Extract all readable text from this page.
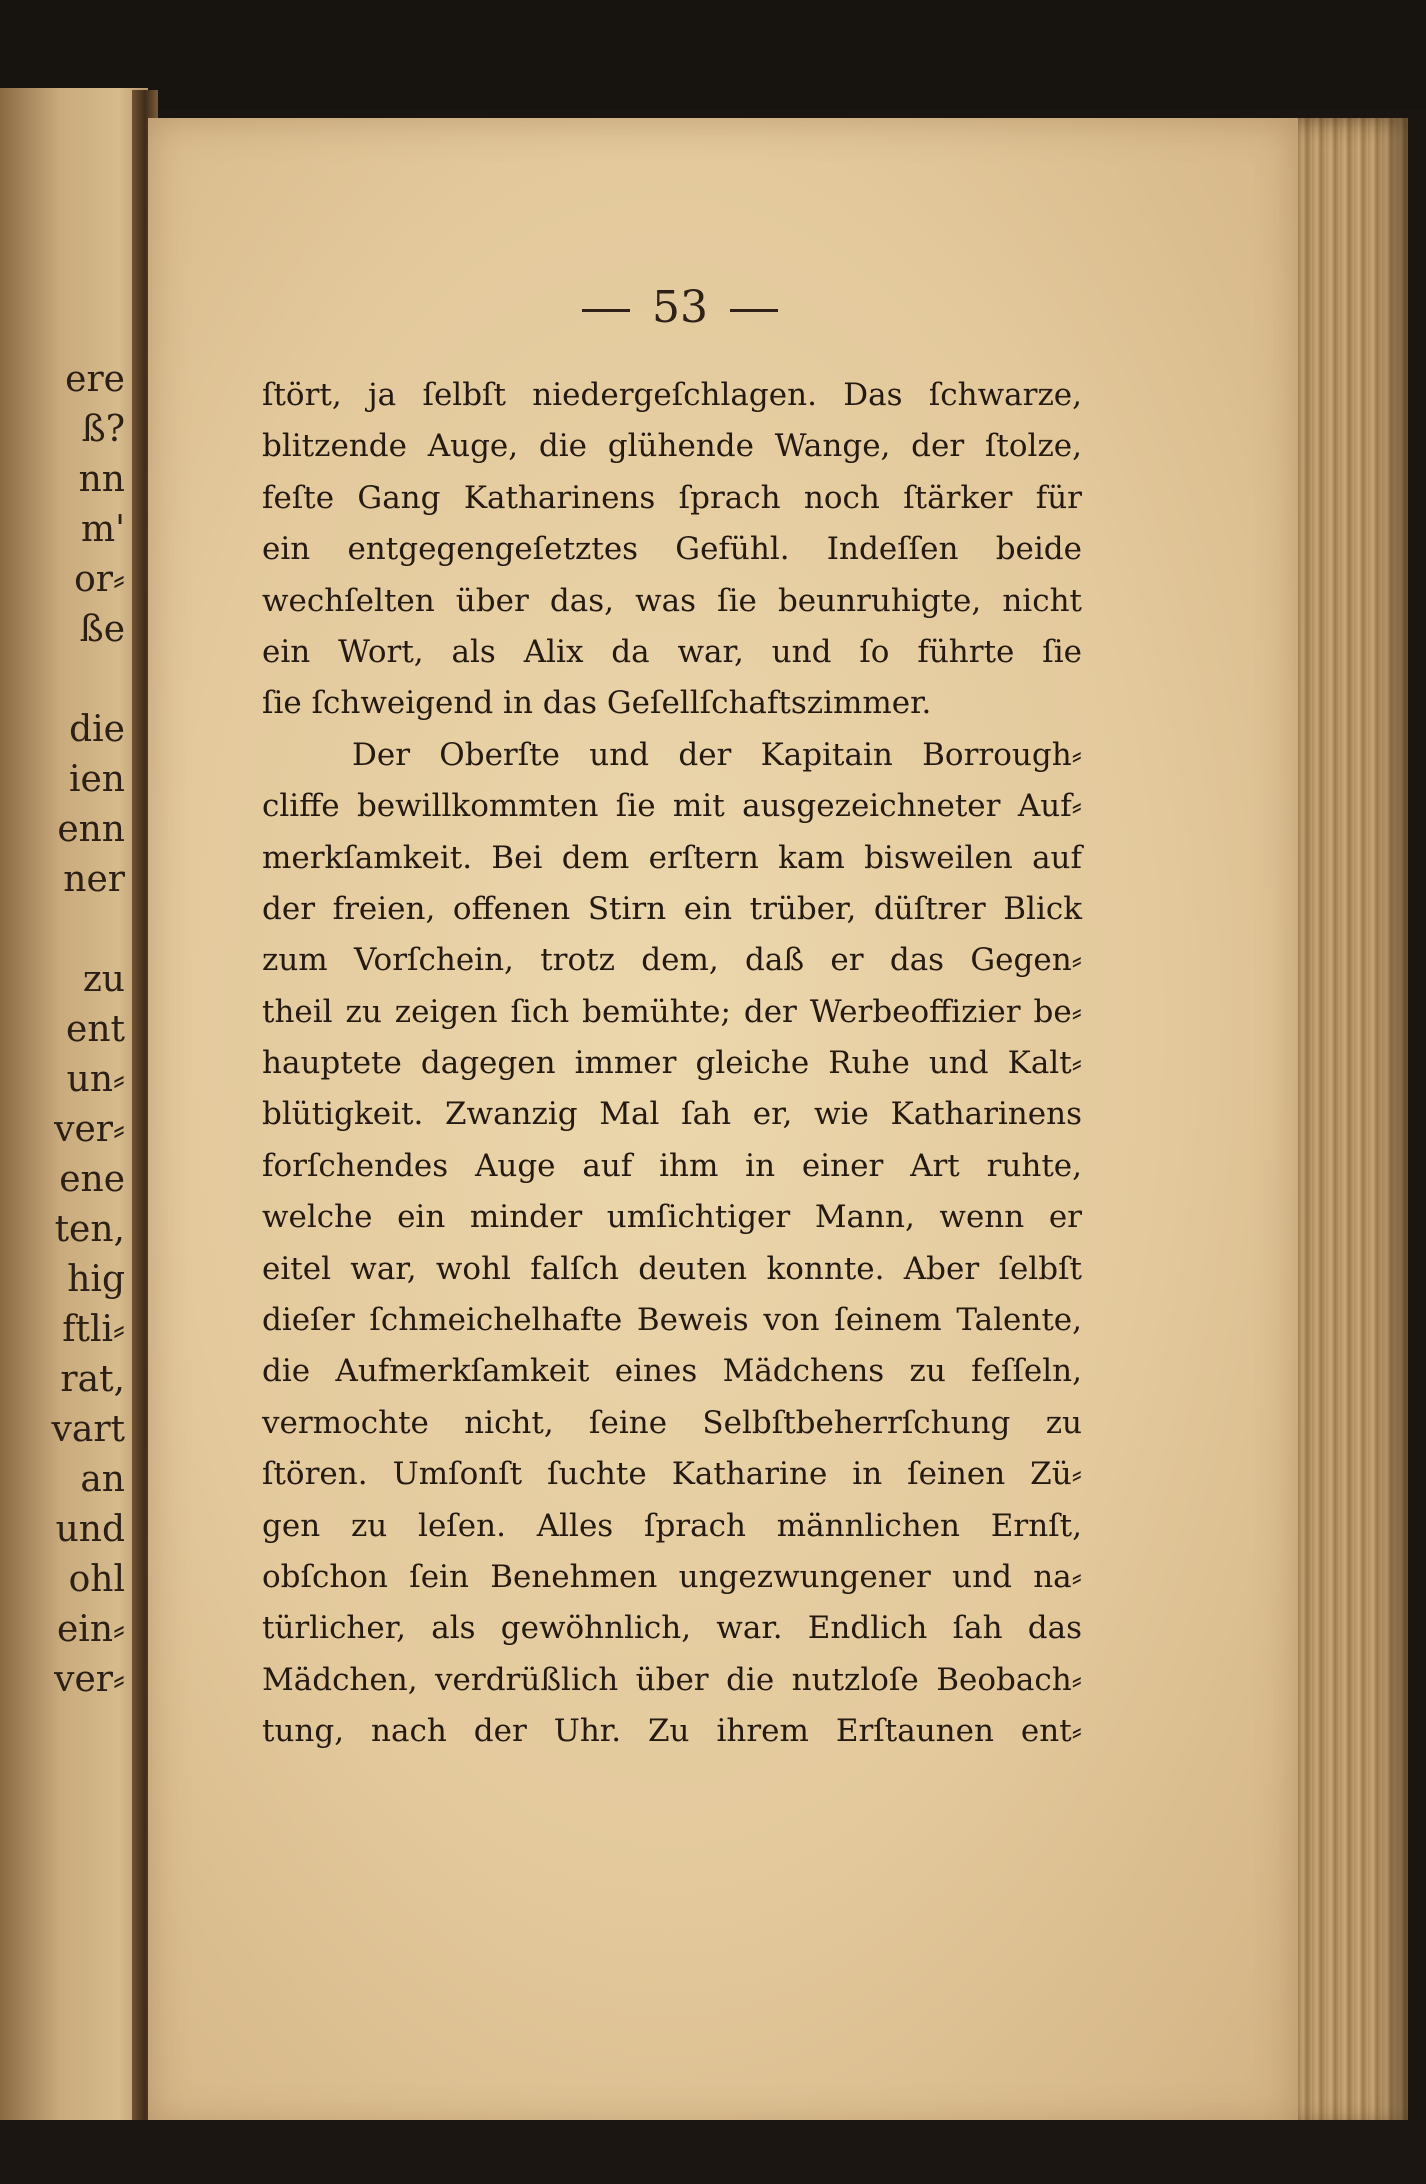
ere
ß?
nn
m'
or⸗
ße
die
ien
enn
ner
zu
ent
un⸗
ver⸗
ene
ten,
hig
ftli⸗
rat,
vart
an
und
ohl
ein⸗
ver⸗
53
ſtört, ja ſelbſt niedergeſchlagen. Das ſchwarze,
blitzende Auge, die glühende Wange, der ſtolze,
feſte Gang Katharinens ſprach noch ſtärker für
ein entgegengeſetztes Gefühl. Indeſſen beide
wechſelten über das, was ſie beunruhigte, nicht
ein Wort, als Alix da war, und ſo führte ſie
ſie ſchweigend in das Geſellſchaftszimmer.
Der Oberſte und der Kapitain Borrough⸗
cliffe bewillkommten ſie mit ausgezeichneter Auf⸗
merkſamkeit. Bei dem erſtern kam bisweilen auf
der freien, offenen Stirn ein trüber, düſtrer Blick
zum Vorſchein, trotz dem, daß er das Gegen⸗
theil zu zeigen ſich bemühte; der Werbeoffizier be⸗
hauptete dagegen immer gleiche Ruhe und Kalt⸗
blütigkeit. Zwanzig Mal ſah er, wie Katharinens
forſchendes Auge auf ihm in einer Art ruhte,
welche ein minder umſichtiger Mann, wenn er
eitel war, wohl falſch deuten konnte. Aber ſelbſt
dieſer ſchmeichelhafte Beweis von ſeinem Talente,
die Aufmerkſamkeit eines Mädchens zu feſſeln,
vermochte nicht, ſeine Selbſtbeherrſchung zu
ſtören. Umſonſt ſuchte Katharine in ſeinen Zü⸗
gen zu leſen. Alles ſprach männlichen Ernſt,
obſchon ſein Benehmen ungezwungener und na⸗
türlicher, als gewöhnlich, war. Endlich ſah das
Mädchen, verdrüßlich über die nutzloſe Beobach⸗
tung, nach der Uhr. Zu ihrem Erſtaunen ent⸗
